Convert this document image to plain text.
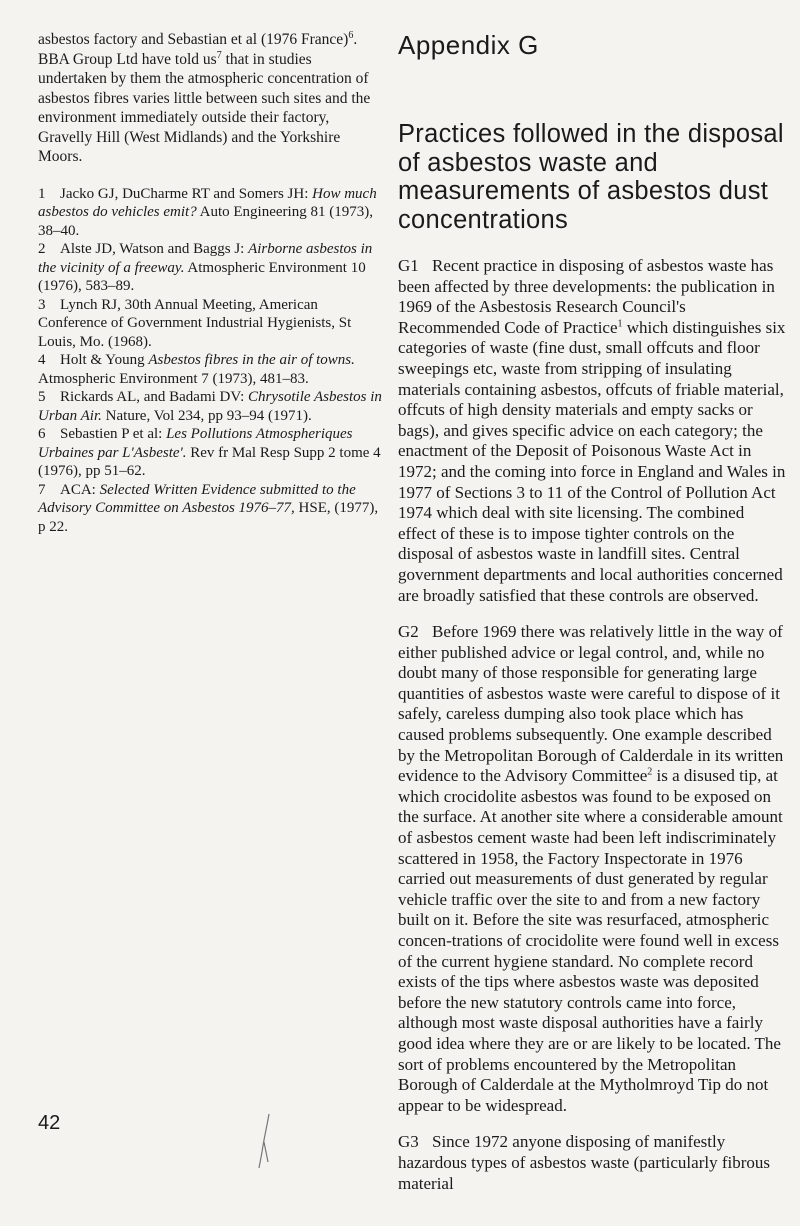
asbestos factory and Sebastian et al (1976 France)$^6$. BBA Group Ltd have told $us^7$ that in studies undertaken by them the atmospheric concentration of asbestos fibres varies little between such sites and the environment immediately outside their factory, Gravelly Hill (West Midlands) and the Yorkshire Moors.

1 Jacko GJ, DuCharme RT and Somers JH: How much asbestos do vehicles emit? Auto Engineering 81 (1973), 38–40.

2 Alste JD, Watson and Baggs J: Airborne asbestos in the vicinity of a freeway. Atmospheric Environment 10 (1976), 583–89.

3 Lynch RJ, 30th Annual Meeting, American Conference of Government Industrial Hygienists, St Louis, Mo. (1968).

4 Holt & Young Asbestos fibres in the air of towns. Atmospheric Environment 7 (1973), 481–83.

5 Rickards AL, and Badami DV: Chrysotile Asbestos in Urban Air. Nature, Vol 234, pp 93–94 (1971).

6 Sebastien P et al: Les Pollutions Atmospheriques Urbaines par L'Asbeste'. Rev fr Mal Resp Supp 2 tome 4 (1976), pp 51–62.

7 ACA: Selected Written Evidence submitted to the Advisory Committee on Asbestos 1976–77, HSE, (1977), p 22.

42
Appendix G
Practices followed in the disposal of asbestos waste and measurements of asbestos dust concentrations

G1 Recent practice in disposing of asbestos waste has been affected by three developments: the publication in 1969 of the Asbestosis Research Council's Recommended Code of Practice$^1$ which distinguishes six categories of waste (fine dust, small offcuts and floor sweepings etc, waste from stripping of insulating materials containing asbestos, offcuts of friable material, offcuts of high density materials and empty sacks or bags), and gives specific advice on each category; the enactment of the Deposit of Poisonous Waste Act in 1972; and the coming into force in England and Wales in 1977 of Sections 3 to 11 of the Control of Pollution Act 1974 which deal with site licensing. The combined effect of these is to impose tighter controls on the disposal of asbestos waste in landfill sites. Central government departments and local authorities concerned are broadly satisfied that these controls are observed.

G2 Before 1969 there was relatively little in the way of either published advice or legal control, and, while no doubt many of those responsible for generating large quantities of asbestos waste were careful to dispose of it safely, careless dumping also took place which has caused problems subsequently. One example described by the Metropolitan Borough of Calderdale in its written evidence to the Advisory Committee$^2$ is a disused tip, at which crocidolite asbestos was found to be exposed on the surface. At another site where a considerable amount of asbestos cement waste had been left indiscriminately scattered in 1958, the Factory Inspectorate in 1976 carried out measurements of dust generated by regular vehicle traffic over the site to and from a new factory built on it. Before the site was resurfaced, atmospheric concen-trations of crocidolite were found well in excess of the current hygiene standard. No complete record exists of the tips where asbestos waste was deposited before the new statutory controls came into force, although most waste disposal authorities have a fairly good idea where they are or are likely to be located. The sort of problems encountered by the Metropolitan Borough of Calderdale at the Mytholmroyd Tip do not appear to be widespread.

G3 Since 1972 anyone disposing of manifestly hazardous types of asbestos waste (particularly fibrous material
